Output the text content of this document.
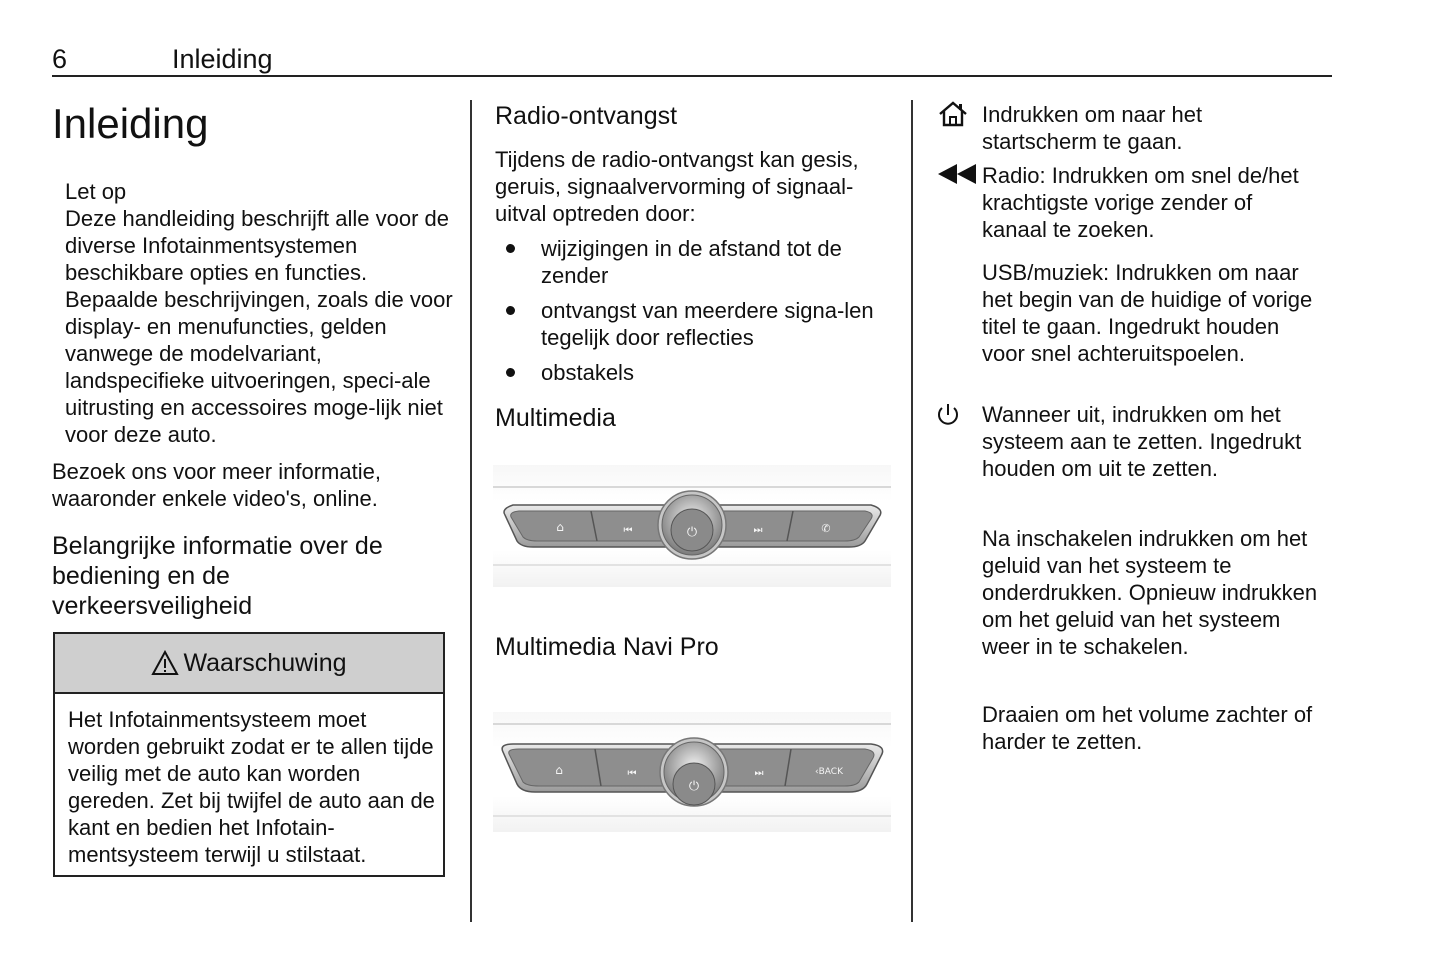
6	Inleiding
Inleiding
Let op
Deze handleiding beschrijft alle voor de diverse Infotainmentsystemen beschikbare opties en functies. Bepaalde beschrijvingen, zoals die voor display- en menufuncties, gelden vanwege de modelvariant, landspecifieke uitvoeringen, speci-ale uitrusting en accessoires moge-lijk niet voor deze auto.
Bezoek ons voor meer informatie, waaronder enkele video's, online.
Belangrijke informatie over de bediening en de verkeersveiligheid
Waarschuwing
Het Infotainmentsysteem moet worden gebruikt zodat er te allen tijde veilig met de auto kan worden gereden. Zet bij twijfel de auto aan de kant en bedien het Infotain-mentsysteem terwijl u stilstaat.
Radio-ontvangst
Tijdens de radio-ontvangst kan gesis, geruis, signaalvervorming of signaal-uitval optreden door:
wijzigingen in de afstand tot de zender
ontvangst van meerdere signa-len tegelijk door reflecties
obstakels
Multimedia
⏻
⌂	⏮	⏭	✆
Multimedia Navi Pro
⏻
⌂	⏮	⏭	‹BACK
Indrukken om naar het startscherm te gaan.
Radio: Indrukken om snel de/het krachtigste vorige zender of kanaal te zoeken.
USB/muziek: Indrukken om naar het begin van de huidige of vorige titel te gaan. Ingedrukt houden voor snel achteruitspoelen.
Wanneer uit, indrukken om het systeem aan te zetten. Ingedrukt houden om uit te zetten.
Na inschakelen indrukken om het geluid van het systeem te onderdrukken. Opnieuw indrukken om het geluid van het systeem weer in te schakelen.
Draaien om het volume zachter of harder te zetten.
